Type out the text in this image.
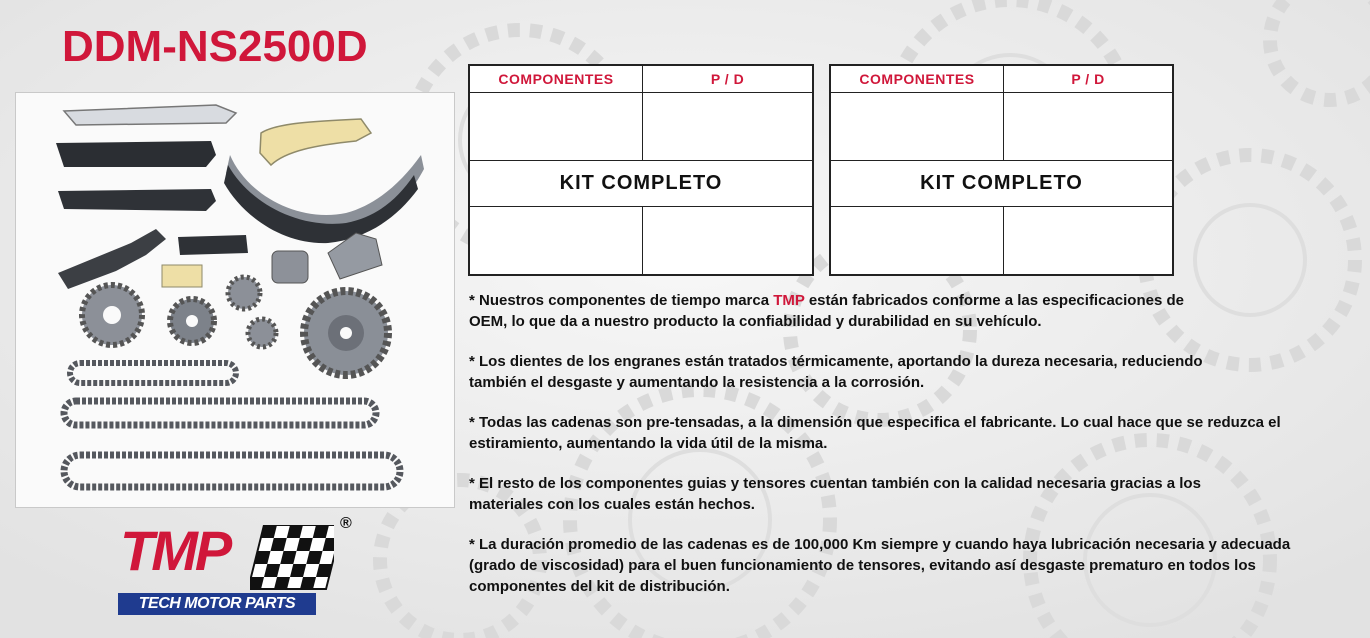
DDM-NS2500D
COMPONENTES	P / D

KIT COMPLETO	

COMPONENTES	P / D

KIT COMPLETO	

* Nuestros componentes de tiempo marca TMP están fabricados conforme a las especificaciones de OEM, lo que da a nuestro producto la confiabilidad y durabilidad en su vehículo.

* Los dientes de los engranes están tratados térmicamente, aportando la dureza necesaria, reduciendo también el desgaste y aumentando la resistencia a la corrosión.

* Todas las cadenas son pre-tensadas, a la dimensión que especifica el fabricante. Lo cual hace que se reduzca el estiramiento, aumentando la vida útil de la misma.

* El resto de los componentes guias y tensores cuentan también con la calidad necesaria gracias a los materiales con los cuales están hechos.

* La duración promedio de las cadenas es de 100,000 Km siempre y cuando haya lubricación necesaria y adecuada (grado de viscosidad) para el buen funcionamiento de tensores, evitando así desgaste prematuro en todos los componentes del kit de distribución.

TMP	®
TECH MOTOR PARTS
